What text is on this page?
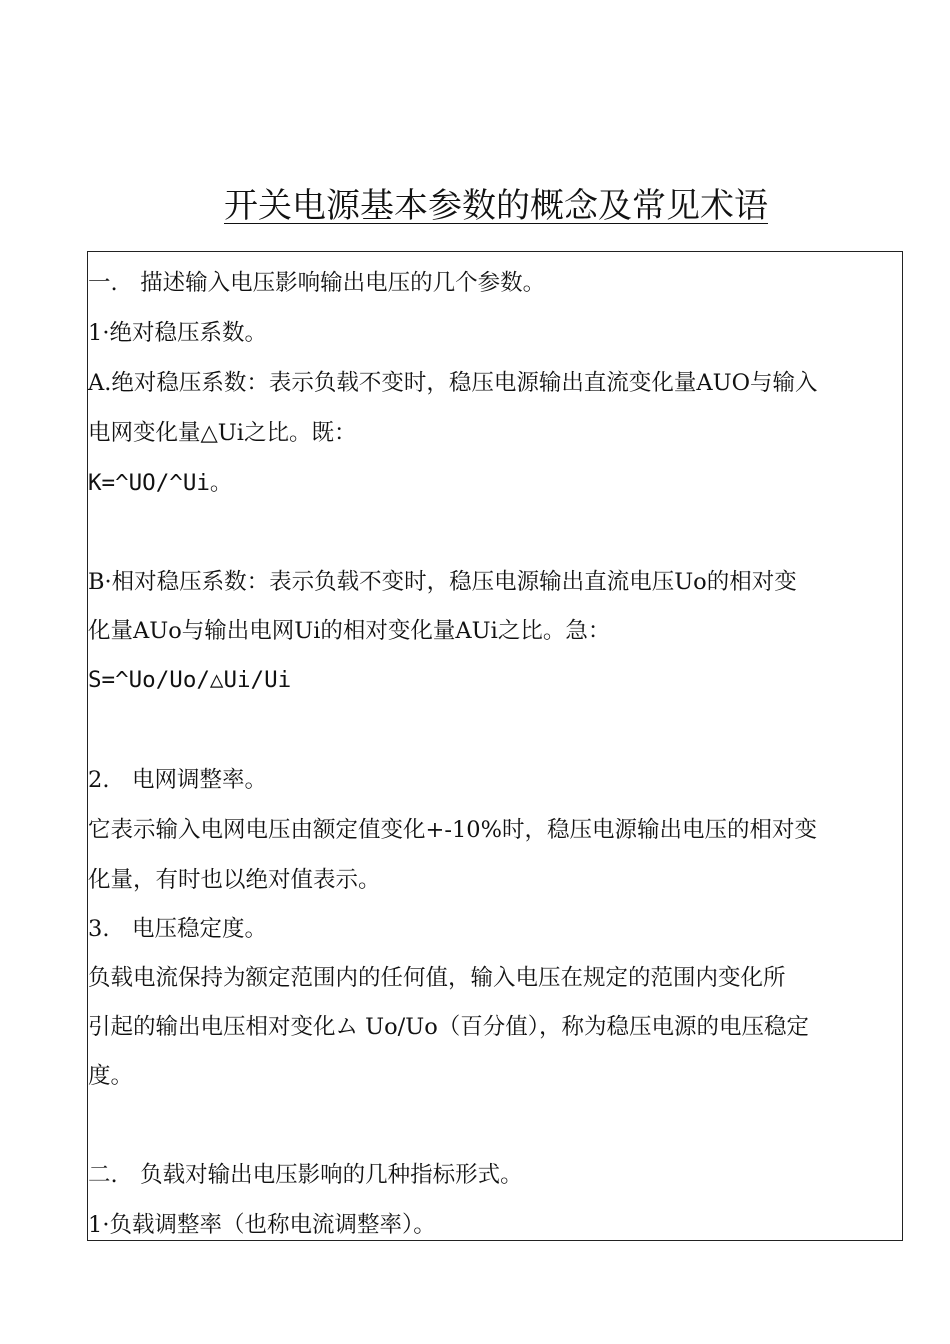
开关电源基本参数的概念及常见术语
一.　描述输入电压影响输出电压的几个参数。
1·绝对稳压系数。
A.绝对稳压系数：表示负载不变时，稳压电源输出直流变化量AUO与输入
电网变化量△Ui之比。既：
K=^UO/^Ui。
B·相对稳压系数：表示负载不变时，稳压电源输出直流电压Uo的相对变
化量AUo与输出电网Ui的相对变化量AUi之比。急：
S=^Uo/Uo/△Ui/Ui
2.　电网调整率。
它表示输入电网电压由额定值变化+-10%时，稳压电源输出电压的相对变
化量，有时也以绝对值表示。
3.　电压稳定度。
负载电流保持为额定范围内的任何值，输入电压在规定的范围内变化所
引起的输出电压相对变化ム Uo/Uo（百分值），称为稳压电源的电压稳定
度。
二.　负载对输出电压影响的几种指标形式。
1·负载调整率（也称电流调整率）。
